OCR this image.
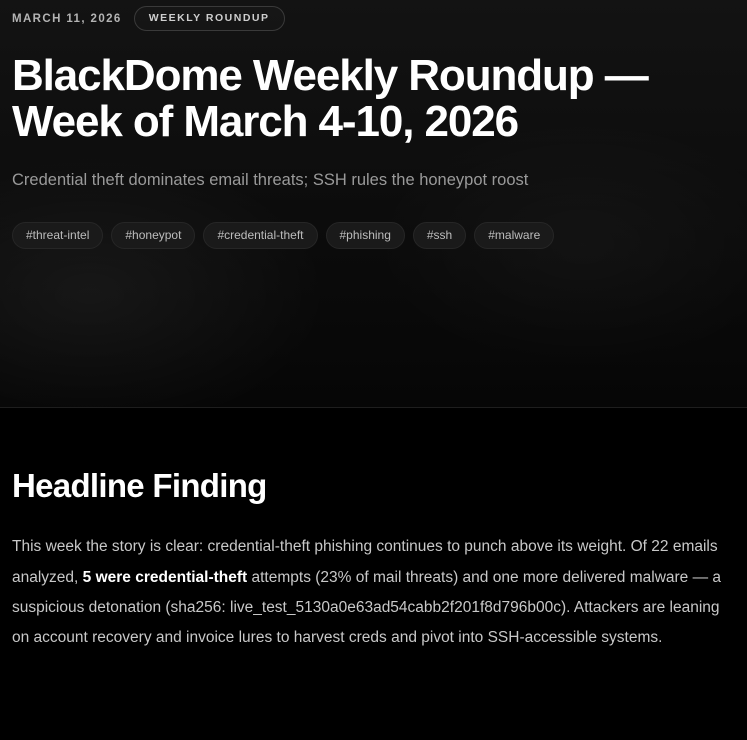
MARCH 11, 2026	WEEKLY ROUNDUP
BlackDome Weekly Roundup — Week of March 4-10, 2026

Credential theft dominates email threats; SSH rules the honeypot roost

#threat-intel	#honeypot	#credential-theft	#phishing	#ssh	#malware
Headline Finding

This week the story is clear: credential-theft phishing continues to punch above its weight. Of 22 emails analyzed, 5 were credential-theft attempts (23% of mail threats) and one more delivered malware — a suspicious detonation (sha256: live_test_5130a0e63ad54cabb2f201f8d796b00c). Attackers are leaning on account recovery and invoice lures to harvest creds and pivot into SSH-accessible systems.
